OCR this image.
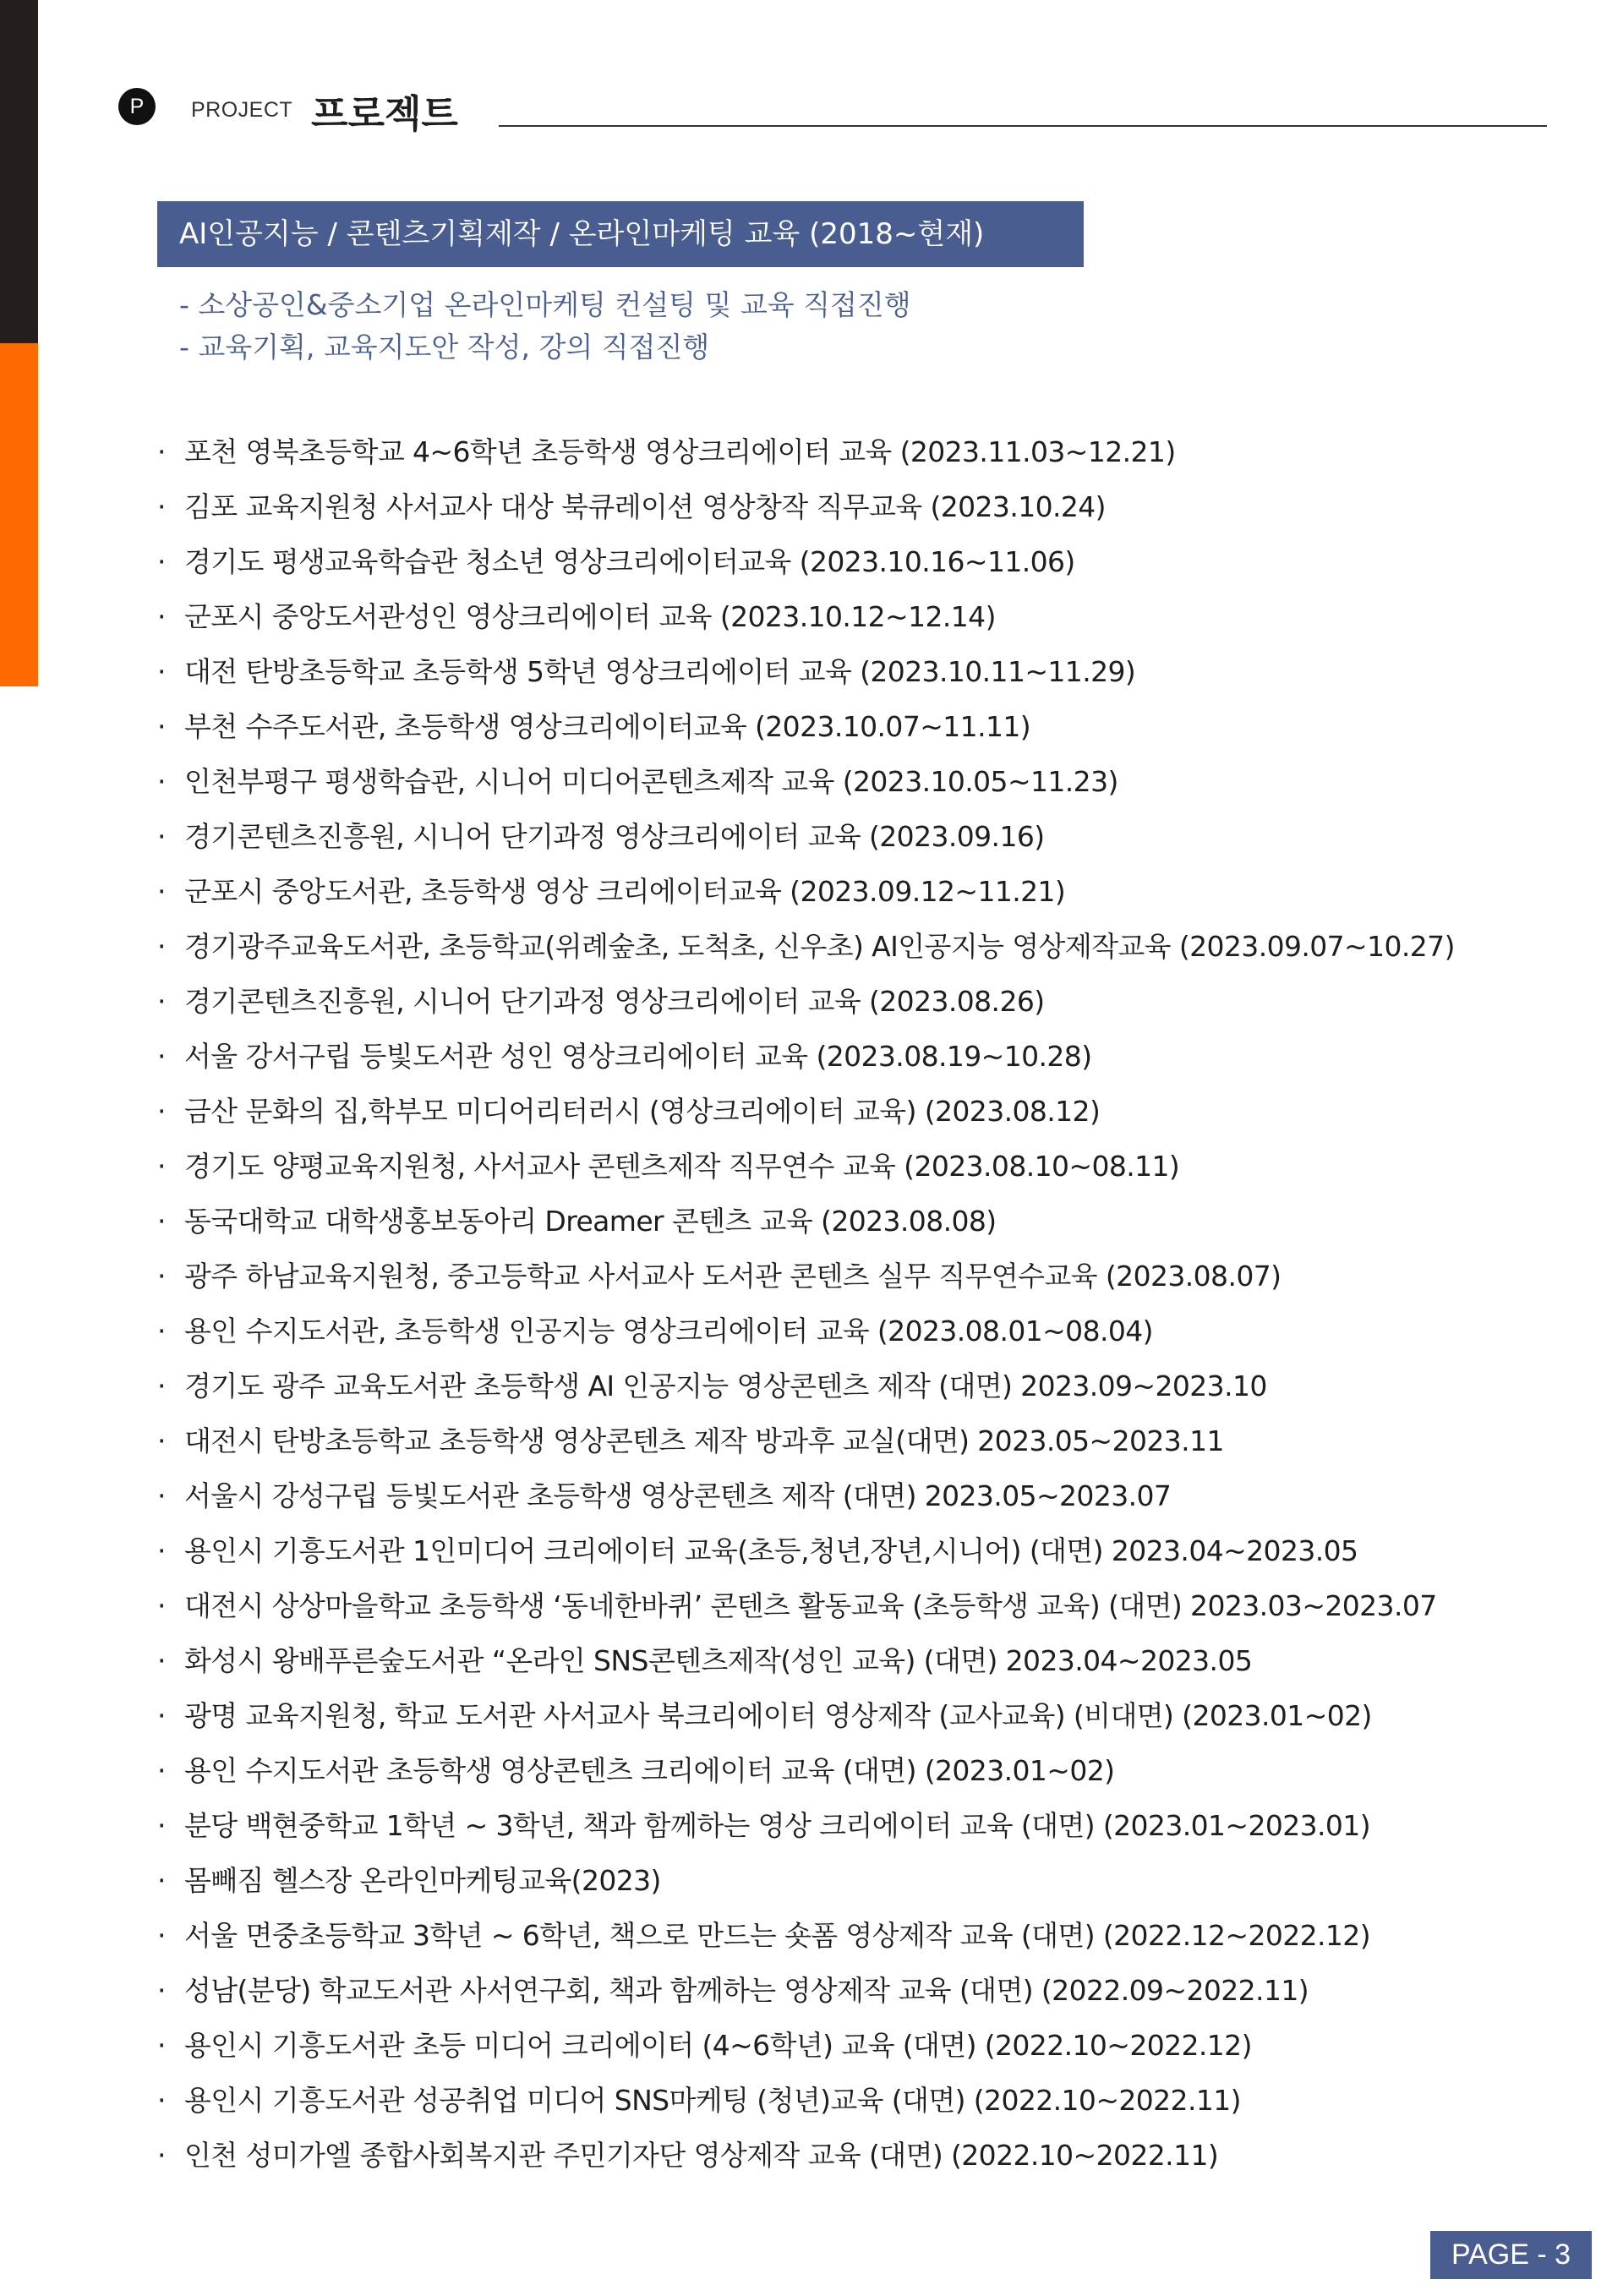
P	PROJECT 프로젝트
AI인공지능 / 콘텐츠기획제작 / 온라인마케팅 교육 (2018~현재)
- 소상공인&중소기업 온라인마케팅 컨설팅 및 교육 직접진행
- 교육기획, 교육지도안 작성, 강의 직접진행
· 포천 영북초등학교 4~6학년 초등학생 영상크리에이터 교육 (2023.11.03~12.21)
· 김포 교육지원청 사서교사 대상 북큐레이션 영상창작 직무교육 (2023.10.24)
· 경기도 평생교육학습관 청소년 영상크리에이터교육 (2023.10.16~11.06)
· 군포시 중앙도서관성인 영상크리에이터 교육 (2023.10.12~12.14)
· 대전 탄방초등학교 초등학생 5학년 영상크리에이터 교육 (2023.10.11~11.29)
· 부천 수주도서관, 초등학생 영상크리에이터교육 (2023.10.07~11.11)
· 인천부평구 평생학습관, 시니어 미디어콘텐츠제작 교육 (2023.10.05~11.23)
· 경기콘텐츠진흥원, 시니어 단기과정 영상크리에이터 교육 (2023.09.16)
· 군포시 중앙도서관, 초등학생 영상 크리에이터교육 (2023.09.12~11.21)
· 경기광주교육도서관, 초등학교(위례숲초, 도척초, 신우초) AI인공지능 영상제작교육 (2023.09.07~10.27)
· 경기콘텐츠진흥원, 시니어 단기과정 영상크리에이터 교육 (2023.08.26)
· 서울 강서구립 등빛도서관 성인 영상크리에이터 교육 (2023.08.19~10.28)
· 금산 문화의 집,학부모 미디어리터러시 (영상크리에이터 교육) (2023.08.12)
· 경기도 양평교육지원청, 사서교사 콘텐츠제작 직무연수 교육 (2023.08.10~08.11)
· 동국대학교 대학생홍보동아리 Dreamer 콘텐츠 교육 (2023.08.08)
· 광주 하남교육지원청, 중고등학교 사서교사 도서관 콘텐츠 실무 직무연수교육 (2023.08.07)
· 용인 수지도서관, 초등학생 인공지능 영상크리에이터 교육 (2023.08.01~08.04)
· 경기도 광주 교육도서관 초등학생 AI 인공지능 영상콘텐츠 제작 (대면) 2023.09~2023.10
· 대전시 탄방초등학교 초등학생 영상콘텐츠 제작 방과후 교실(대면) 2023.05~2023.11
· 서울시 강성구립 등빛도서관 초등학생 영상콘텐츠 제작 (대면) 2023.05~2023.07
· 용인시 기흥도서관 1인미디어 크리에이터 교육(초등,청년,장년,시니어) (대면) 2023.04~2023.05
· 대전시 상상마을학교 초등학생 ‘동네한바퀴’ 콘텐츠 활동교육 (초등학생 교육) (대면) 2023.03~2023.07
· 화성시 왕배푸른숲도서관 “온라인 SNS콘텐츠제작(성인 교육) (대면) 2023.04~2023.05
· 광명 교육지원청, 학교 도서관 사서교사 북크리에이터 영상제작 (교사교육) (비대면) (2023.01~02)
· 용인 수지도서관 초등학생 영상콘텐츠 크리에이터 교육 (대면) (2023.01~02)
· 분당 백현중학교 1학년 ~ 3학년, 책과 함께하는 영상 크리에이터 교육 (대면) (2023.01~2023.01)
· 몸빼짐 헬스장 온라인마케팅교육(2023)
· 서울 면중초등학교 3학년 ~ 6학년, 책으로 만드는 숏폼 영상제작 교육 (대면) (2022.12~2022.12)
· 성남(분당) 학교도서관 사서연구회, 책과 함께하는 영상제작 교육 (대면) (2022.09~2022.11)
· 용인시 기흥도서관 초등 미디어 크리에이터 (4~6학년) 교육 (대면) (2022.10~2022.12)
· 용인시 기흥도서관 성공취업 미디어 SNS마케팅 (청년)교육 (대면) (2022.10~2022.11)
· 인천 성미가엘 종합사회복지관 주민기자단 영상제작 교육 (대면) (2022.10~2022.11)
PAGE - 3
